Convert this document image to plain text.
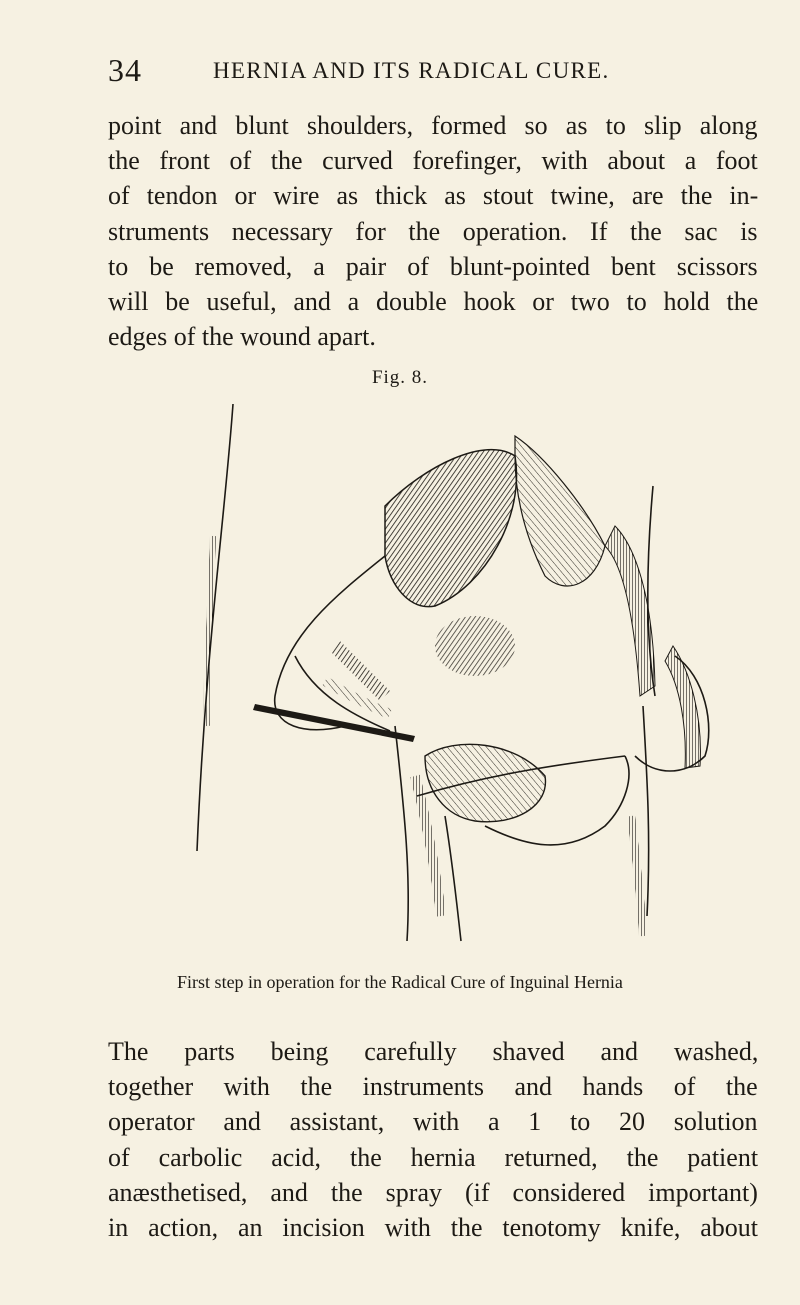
34	HERNIA AND ITS RADICAL CURE.

point and blunt shoulders, formed so as to slip along
the front of the curved forefinger, with about a foot
of tendon or wire as thick as stout twine, are the in-
struments necessary for the operation. If the sac is
to be removed, a pair of blunt-pointed bent scissors
will be useful, and a double hook or two to hold the
edges of the wound apart.

Fig. 8.
First step in operation for the Radical Cure of Inguinal Hernia

The parts being carefully shaved and washed,
together with the instruments and hands of the
operator and assistant, with a 1 to 20 solution
of carbolic acid, the hernia returned, the patient
anæsthetised, and the spray (if considered important)
in action, an incision with the tenotomy knife, about
